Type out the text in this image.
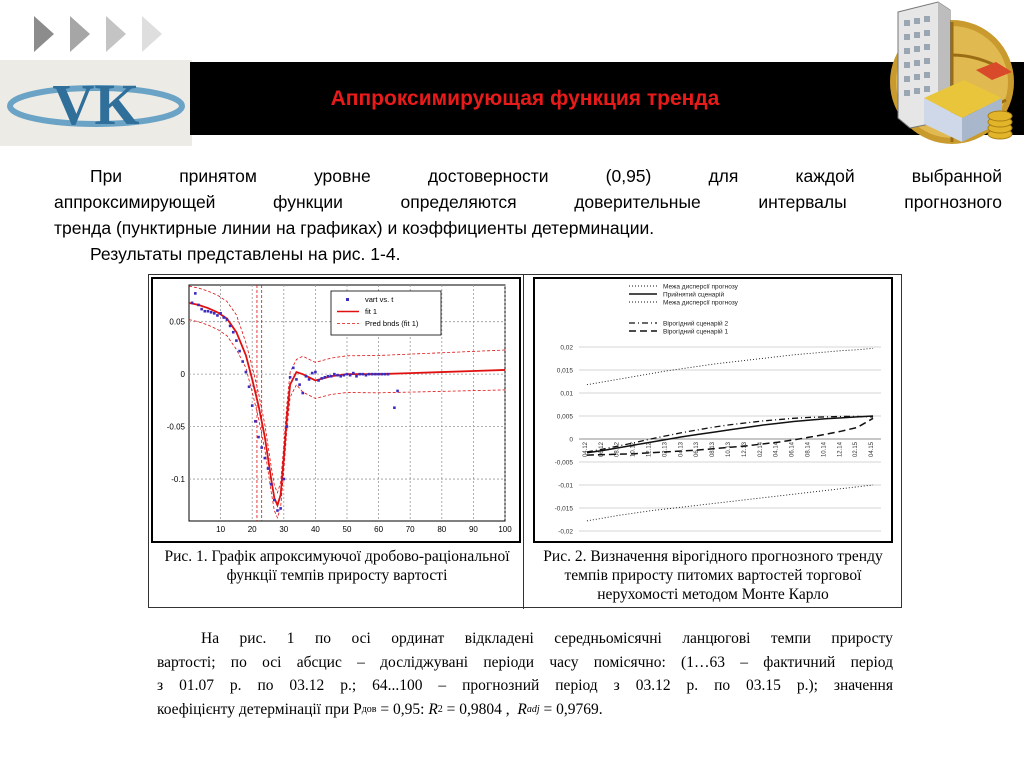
VK	Аппроксимирующая функция тренда
При	принятом	уровне	достоверности	(0,95)	для	каждой	выбранной
аппроксимирующей	функции	определяются	доверительные	интервалы	прогнозного
тренда (пунктирные линии на графиках) и коэффициенты детерминации.
Результаты представлены на рис. 1-4.
10	20	30	40	50	60	70	80	90	100
0.05
0
-0.05
-0.1
vart vs. t
fit 1
Pred bnds (fit 1)
0,02
0,015
0,01
0,005
0
-0,005
-0,01
-0,015
-0,02
04.12 06.12 08.12 10.12 12.12 02.13 04.13 06.13 08.13 10.13 12.13 02.14 04.14 06.14 08.14 10.14 12.14 02.15 04.15
Межа дисперсії прогнозу
Прийнятий сценарій
Межа дисперсії прогнозу
Вірогідний сценарій 2
Вірогідний сценарій 1
Рис. 1. Графік апроксимуючої дробово-раціональної функції темпів приросту вартості
Рис. 2. Визначення вірогідного прогнозного тренду темпів приросту питомих вартостей торгової нерухомості методом Монте Карло
На рис. 1 по осі ординат відкладені середньомісячні ланцюгові темпи приросту
вартості; по осі абсцис – досліджувані періоди часу помісячно: (1…63 – фактичний період
з 01.07 р. по 03.12 р.; 64...100 – прогнозний період з 03.12 р. по 03.15 р.); значення
коефіцієнту детермінації при Р дов = 0,95: R 2 = 0,9804 , R adj = 0,9769.
